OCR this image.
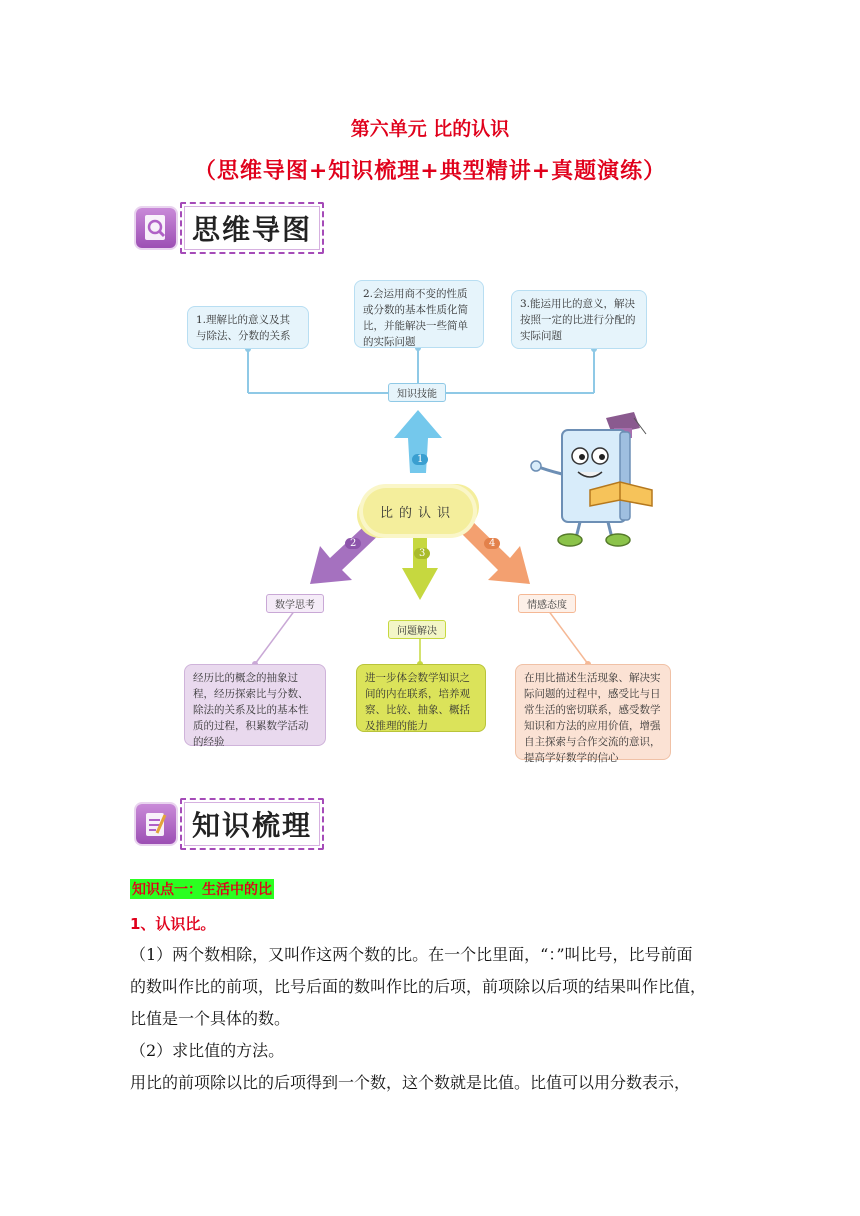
第六单元 比的认识
（思维导图+知识梳理+典型精讲+真题演练）
思维导图
1
2
3
4
1.理解比的意义及其与除法、分数的关系
2.会运用商不变的性质或分数的基本性质化简比，并能解决一些简单的实际问题
3.能运用比的意义，解决按照一定的比进行分配的实际问题
知识技能
比的认识
数学思考
问题解决
情感态度
经历比的概念的抽象过程，经历探索比与分数、除法的关系及比的基本性质的过程，积累数学活动的经验
进一步体会数学知识之间的内在联系，培养观察、比较、抽象、概括及推理的能力
在用比描述生活现象、解决实际问题的过程中，感受比与日常生活的密切联系，感受数学知识和方法的应用价值，增强自主探索与合作交流的意识，提高学好数学的信心
知识梳理
知识点一：生活中的比
1、认识比。
（1）两个数相除，又叫作这两个数的比。在一个比里面，“：”叫比号，比号前面
的数叫作比的前项，比号后面的数叫作比的后项，前项除以后项的结果叫作比值，
比值是一个具体的数。
（2）求比值的方法。
用比的前项除以比的后项得到一个数，这个数就是比值。比值可以用分数表示，
